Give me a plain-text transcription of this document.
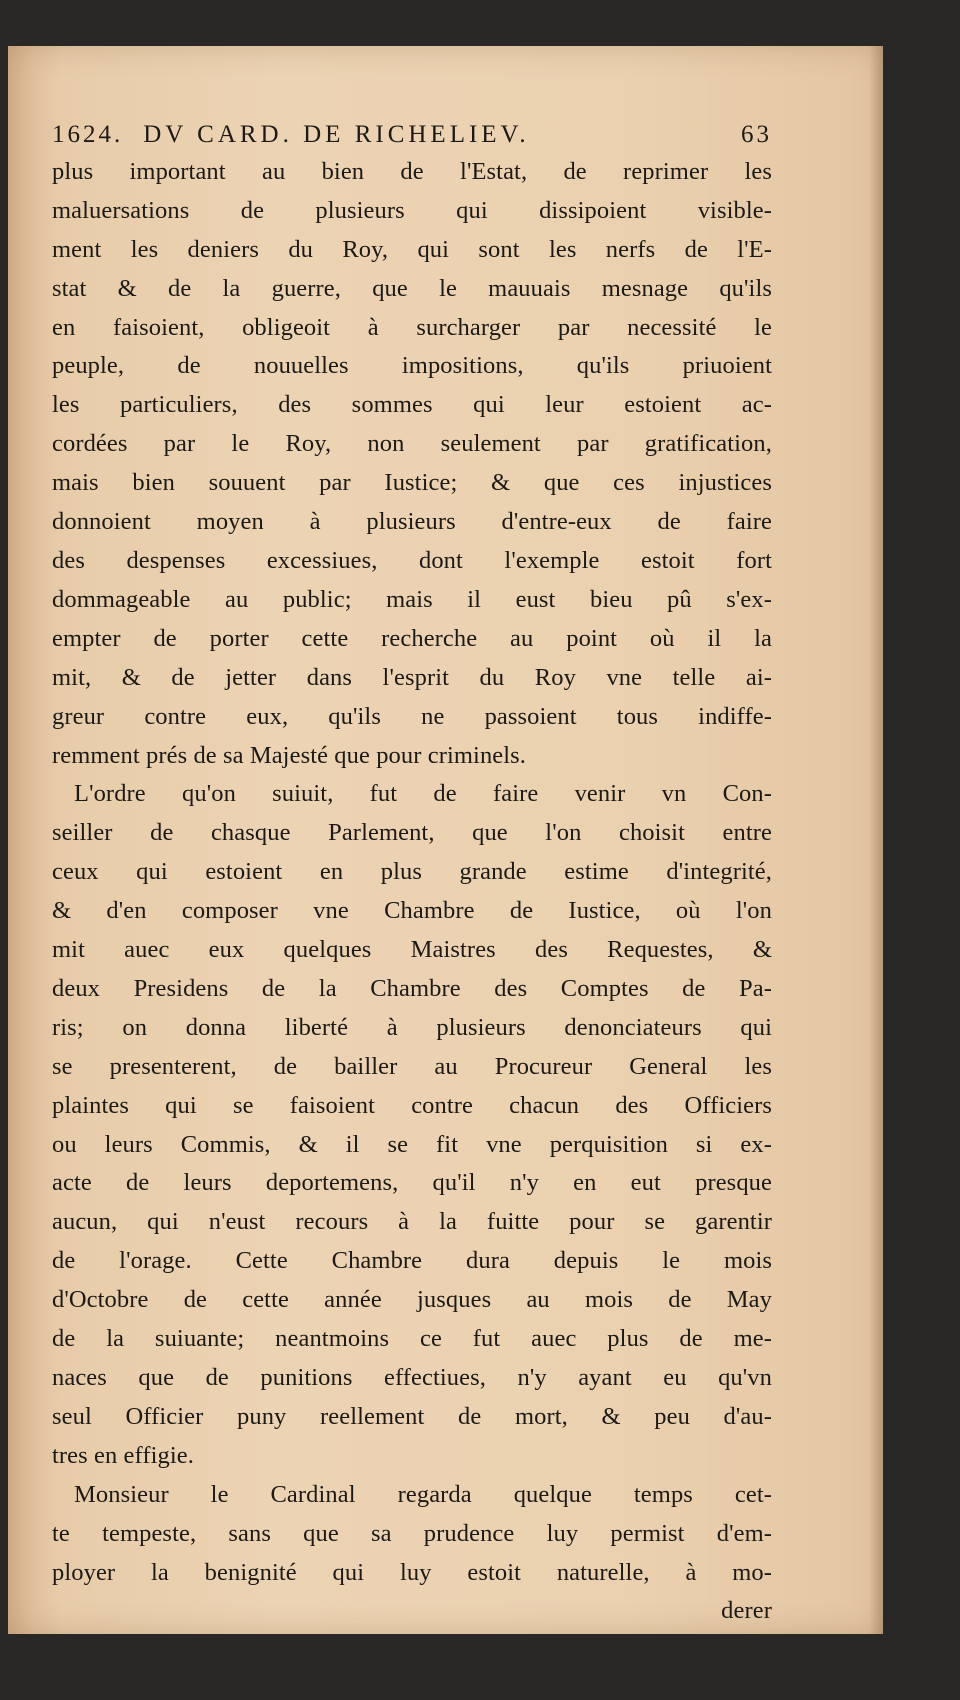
1624. DV CARD. DE RICHELIEV.	63
plus important au bien de l'Estat, de reprimer les
maluersations de plusieurs qui dissipoient visible-
ment les deniers du Roy, qui sont les nerfs de l'E-
stat & de la guerre, que le mauuais mesnage qu'ils
en faisoient, obligeoit à surcharger par necessité le
peuple, de nouuelles impositions, qu'ils priuoient
les particuliers, des sommes qui leur estoient ac-
cordées par le Roy, non seulement par gratification,
mais bien souuent par Iustice; & que ces injustices
donnoient moyen à plusieurs d'entre-eux de faire
des despenses excessiues, dont l'exemple estoit fort
dommageable au public; mais il eust bieu pû s'ex-
empter de porter cette recherche au point où il la
mit, & de jetter dans l'esprit du Roy vne telle ai-
greur contre eux, qu'ils ne passoient tous indiffe-
remment prés de sa Majesté que pour criminels.
L'ordre qu'on suiuit, fut de faire venir vn Con-
seiller de chasque Parlement, que l'on choisit entre
ceux qui estoient en plus grande estime d'integrité,
& d'en composer vne Chambre de Iustice, où l'on
mit auec eux quelques Maistres des Requestes, &
deux Presidens de la Chambre des Comptes de Pa-
ris; on donna liberté à plusieurs denonciateurs qui
se presenterent, de bailler au Procureur General les
plaintes qui se faisoient contre chacun des Officiers
ou leurs Commis, & il se fit vne perquisition si ex-
acte de leurs deportemens, qu'il n'y en eut presque
aucun, qui n'eust recours à la fuitte pour se garentir
de l'orage. Cette Chambre dura depuis le mois
d'Octobre de cette année jusques au mois de May
de la suiuante; neantmoins ce fut auec plus de me-
naces que de punitions effectiues, n'y ayant eu qu'vn
seul Officier puny reellement de mort, & peu d'au-
tres en effigie.
Monsieur le Cardinal regarda quelque temps cet-
te tempeste, sans que sa prudence luy permist d'em-
ployer la benignité qui luy estoit naturelle, à mo-
derer
